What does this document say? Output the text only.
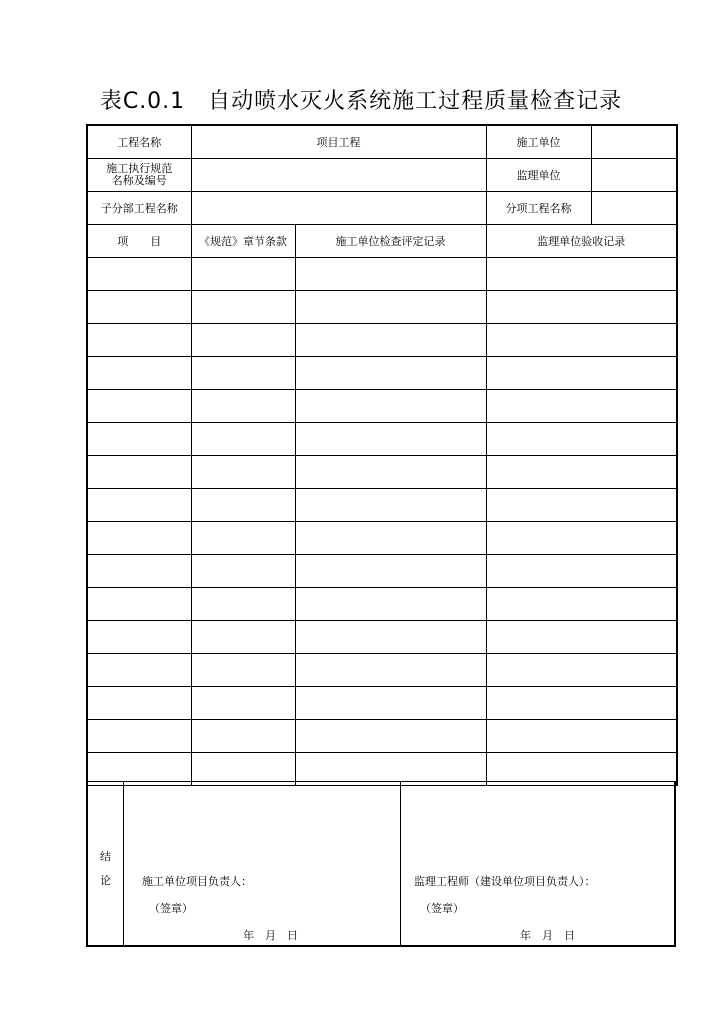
表C.0.1　自动喷水灭火系统施工过程质量检查记录
工程名称	项目工程		施工单位

施工执行规范
名称及编号			监理单位

子分部工程名称			分项工程名称

项　　目	《规范》章节条款	施工单位检查评定记录	监理单位验收记录

结
论	施工单位项目负责人：
（签章）
年　月　日
监理工程师（建设单位项目负责人）：
（签章）
年　月　日
